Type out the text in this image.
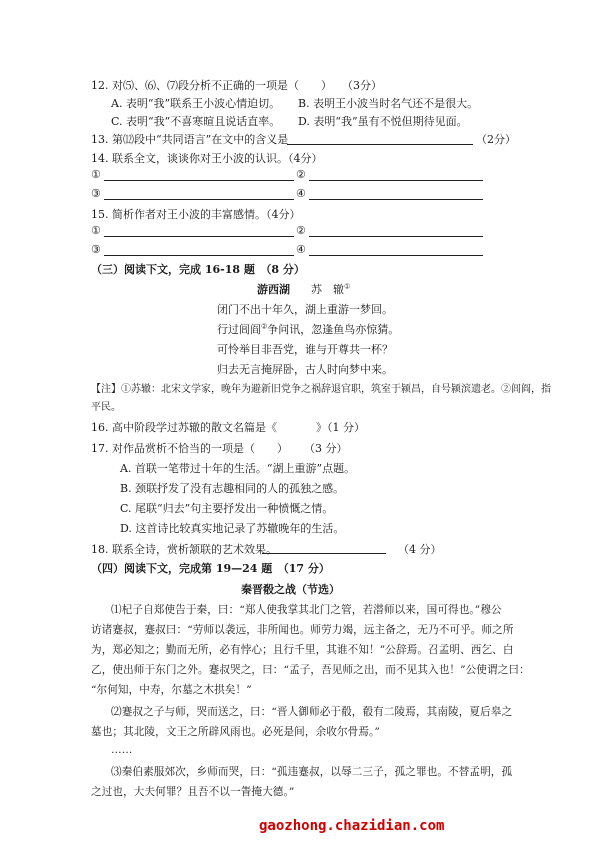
12. 对⑸、⑹、⑺段分析不正确的一项是（　　） （3分）
A. 表明“我”联系王小波心情迫切。 B. 表明王小波当时名气还不是很大。
C. 表明“我”不喜寒暄且说话直率。 D. 表明“我”虽有不悦但期待见面。
13. 第⑿段中“共同语言”在文中的含义是	（2分）
14. 联系全文，谈谈你对王小波的认识。（4分）
①	②
③	④
15. 简析作者对王小波的丰富感情。（4分）
①	②
③	④
（三）阅读下文，完成 16-18 题　（8 分）
游西湖 苏　辙①
闭门不出十年久，湖上重游一梦回。
行过闾阎②争问讯，忽逢鱼鸟亦惊猜。
可怜举目非吾党，谁与开尊共一杯？
归去无言掩屏卧，古人时向梦中来。
【注】①苏辙：北宋文学家，晚年为避新旧党争之祸辞退官职，筑室于颍昌，自号颍滨遗老。②闾阎，指
平民。
16. 高中阶段学过苏辙的散文名篇是《	》（1 分）
17. 对作品赏析不恰当的一项是（　　） （3 分）
A. 首联一笔带过十年的生活。“湖上重游”点题。
B. 颈联抒发了没有志趣相同的人的孤独之感。
C. 尾联“归去”句主要抒发出一种愤慨之情。
D. 这首诗比较真实地记录了苏辙晚年的生活。
18. 联系全诗，赏析颔联的艺术效果。	（4 分）
（四）阅读下文，完成第 19—24 题　（17 分）
秦晋殽之战（节选）
⑴杞子自郑使告于秦，曰：“郑人使我掌其北门之管，若潜师以来，国可得也。”穆公
访诸蹇叔，蹇叔曰：“劳师以袭远，非所闻也。师劳力竭，远主备之，无乃不可乎。师之所
为，郑必知之；勤而无所，必有悖心；且行千里，其谁不知！”公辞焉。召孟明、西乞、白
乙，使出师于东门之外。蹇叔哭之，曰：“孟子，吾见师之出，而不见其入也！”公使谓之曰：
“尔何知，中寿，尔墓之木拱矣！”
⑵蹇叔之子与师，哭而送之，曰：“晋人御师必于殽，殽有二陵焉，其南陵，夏后皋之
墓也；其北陵，文王之所辟风雨也。必死是间，余收尔骨焉。”
……
⑶秦伯素服郊次，乡师而哭，曰：“孤违蹇叔，以辱二三子，孤之罪也。不替孟明，孤
之过也，大夫何罪？且吾不以一眚掩大德。”
gaozhong.chazidian.com
